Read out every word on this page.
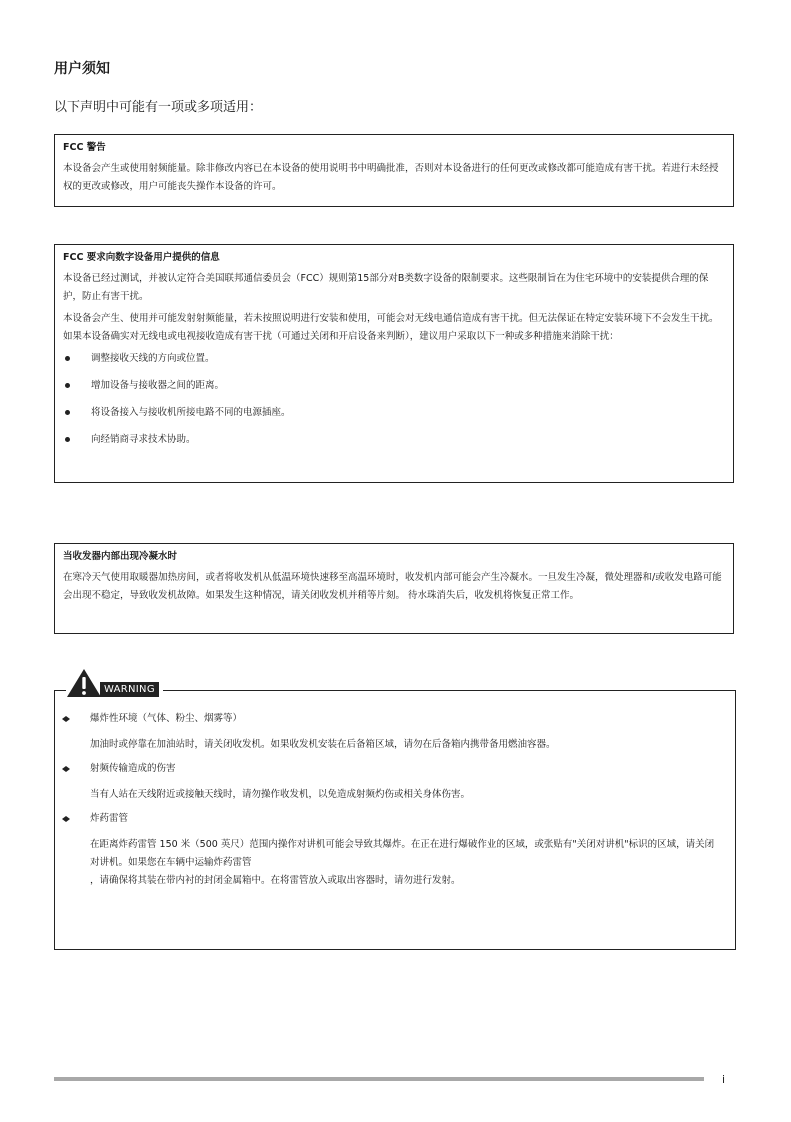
用户须知

以下声明中可能有一项或多项适用：

FCC 警告

本设备会产生或使用射频能量。除非修改内容已在本设备的使用说明书中明确批准，否则对本设备进行的任何更改或修改都可能造成有害干扰。若进行未经授权的更改或修改，用户可能丧失操作本设备的许可。

FCC 要求向数字设备用户提供的信息

本设备已经过测试，并被认定符合美国联邦通信委员会（FCC）规则第15部分对B类数字设备的限制要求。这些限制旨在为住宅环境中的安装提供合理的保护，防止有害干扰。

本设备会产生、使用并可能发射射频能量，若未按照说明进行安装和使用，可能会对无线电通信造成有害干扰。但无法保证在特定安装环境下不会发生干扰。如果本设备确实对无线电或电视接收造成有害干扰（可通过关闭和开启设备来判断），建议用户采取以下一种或多种措施来消除干扰：

调整接收天线的方向或位置。
增加设备与接收器之间的距离。
将设备接入与接收机所接电路不同的电源插座。
向经销商寻求技术协助。
当收发器内部出现冷凝水时

在寒冷天气使用取暖器加热房间，或者将收发机从低温环境快速移至高温环境时，收发机内部可能会产生冷凝水。一旦发生冷凝，微处理器和/或收发电路可能会出现不稳定，导致收发机故障。如果发生这种情况，请关闭收发机并稍等片刻。 待水珠消失后，收发机将恢复正常工作。

WARNING
爆炸性环境（气体、粉尘、烟雾等）
加油时或停靠在加油站时，请关闭收发机。如果收发机安装在后备箱区域，请勿在后备箱内携带备用燃油容器。
射频传输造成的伤害
当有人站在天线附近或接触天线时，请勿操作收发机，以免造成射频灼伤或相关身体伤害。
炸药雷管
在距离炸药雷管 150 米（500 英尺）范围内操作对讲机可能会导致其爆炸。在正在进行爆破作业的区域，或张贴有"关闭对讲机"标识的区域，请关闭对讲机。如果您在车辆中运输炸药雷管
，请确保将其装在带内衬的封闭金属箱中。在将雷管放入或取出容器时，请勿进行发射。
i
